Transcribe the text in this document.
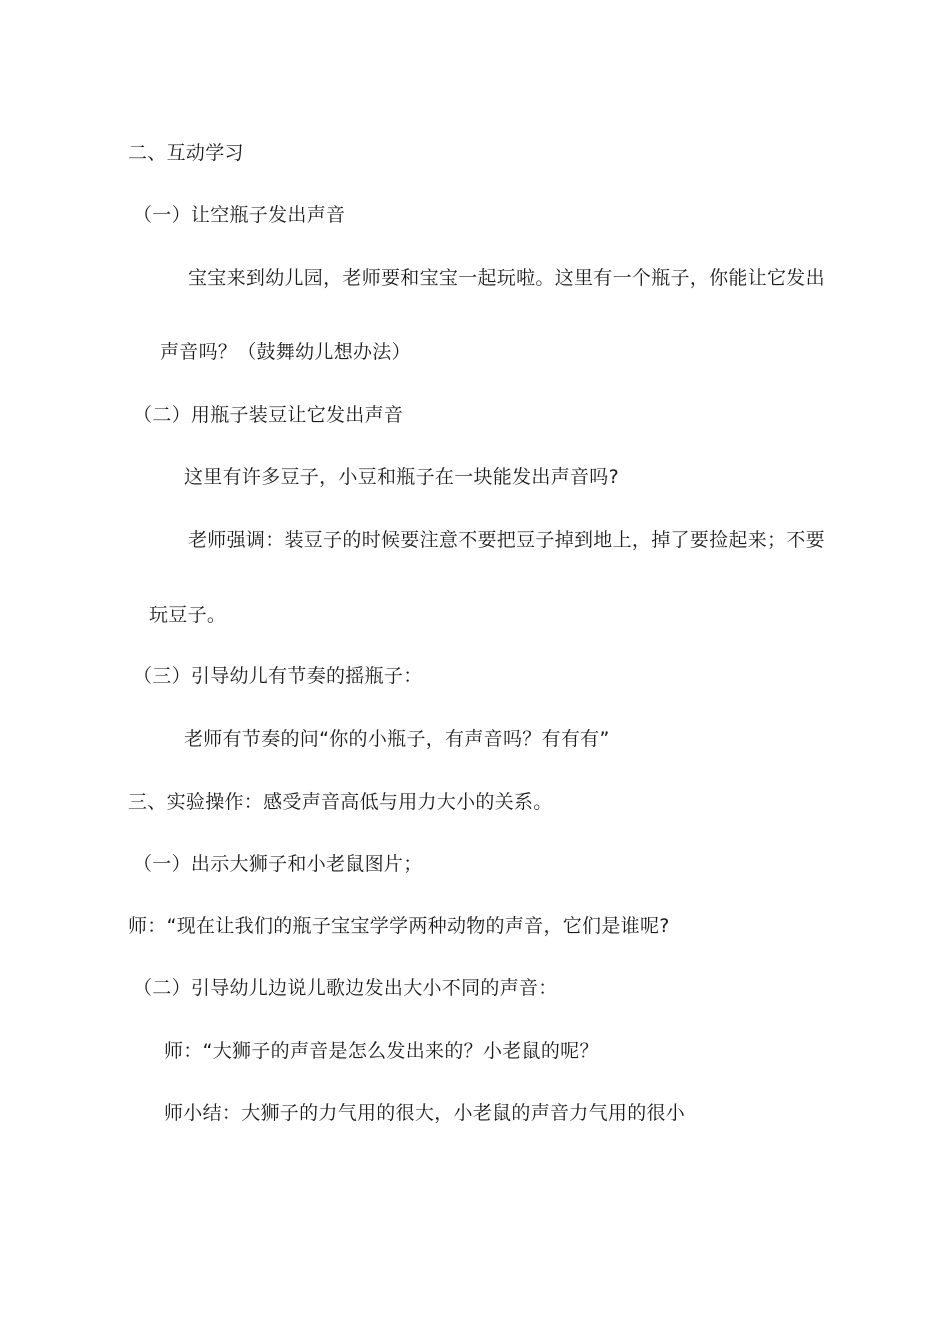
二、互动学习
（一）让空瓶子发出声音
宝宝来到幼儿园，老师要和宝宝一起玩啦。这里有一个瓶子，你能让它发出
声音吗？（鼓舞幼儿想办法）
（二）用瓶子装豆让它发出声音
这里有许多豆子，小豆和瓶子在一块能发出声音吗?
老师强调：装豆子的时候要注意不要把豆子掉到地上，掉了要捡起来；不要
玩豆子。
（三）引导幼儿有节奏的摇瓶子：
老师有节奏的问“你的小瓶子，有声音吗？有有有”
三、实验操作：感受声音高低与用力大小的关系。
（一）出示大狮子和小老鼠图片；
师：“现在让我们的瓶子宝宝学学两种动物的声音，它们是谁呢?
（二）引导幼儿边说儿歌边发出大小不同的声音：
师：“大狮子的声音是怎么发出来的？小老鼠的呢？
师小结：大狮子的力气用的很大，小老鼠的声音力气用的很小
